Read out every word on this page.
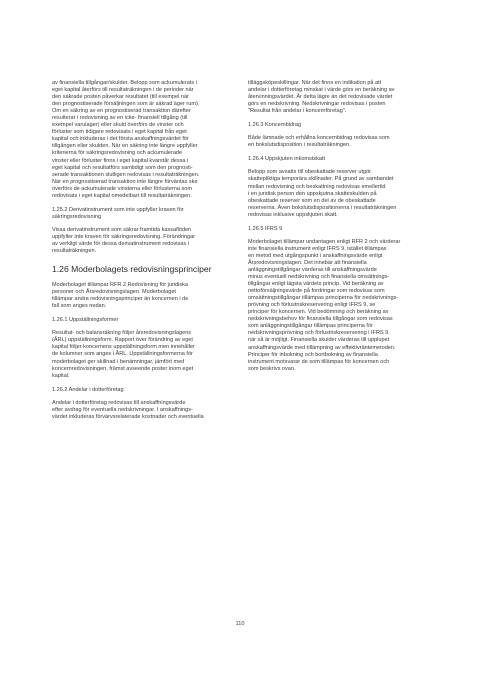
av finansiella tillgångar/skulder. Belopp som ackumulerats i
eget kapital återförs till resultaträkningen i de perioder när
den säkrade posten påverkar resultatet (till exempel när
den prognostiserade försäljningen som är säkrad äger rum).
Om en säkring av en prognostiserad transaktion därefter
resulterar i redovisning av en icke- finansiell tillgång (till
exempel varulager) eller skuld överförs de vinster och
förluster som tidigare redovisats i eget kapital från eget
kapital och inkluderas i det första anskaffningsvärdet för
tillgången eller skulden. När en säkring inte längre uppfyller
kriterierna för säkringsredovisning och ackumulerade
vinster eller förluster finns i eget kapital kvarstår dessa i
eget kapital och resultatförs samtidigt som den prognosti-
serade transaktionen slutligen redovisas i resultaträkningen.
När en prognostiserad transaktion inte längre förväntas ske
överförs de ackumulerade vinsterna eller förlusterna som
redovisats i eget kapital omedelbart till resultaträkningen.

1.25.2 Derivatinstrument som inte uppfyller kraven för
säkringsredovisning

Vissa derivatinstrument som säkrar framtida kassaflöden
uppfyller inte kraven för säkringsredovisning. Förändringar
av verkligt värde för dessa derivatinstrument redovisas i
resultaträkningen.

1.26 Moderbolagets redovisningsprinciper

Moderbolaget tillämpar RFR 2 Redovisning för juridiska
personer och Årsredovisningslagen. Moderbolaget
tillämpar andra redovisningsprinciper än koncernen i de
fall som anges nedan.

1.26.1 Uppställningsformer

Resultat- och balansräkning följer årsredovisningslagens
(ÅRL) uppställningsform. Rapport över förändring av eget
kapital följer koncernens uppställningsform men innehåller
de kolumner som anges i ÅRL. Uppställningsformerna för
moderbolaget ger skillnad i benämningar, jämfört med
koncernredovisningen, främst avseende poster inom eget
kapital.

1.26.2 Andelar i dotterföretag

Andelar i dotterföretag redovisas till anskaffningsvärde
efter avdrag för eventuella nedskrivningar. I anskaffnings-
värdet inkluderas förvärvsrelaterade kostnader och eventuella

tilläggsköpeskillingar. När det finns en indikation på att
andelar i dotterföretag minskat i värde görs en beräkning av
återvinningsvärdet. Är detta lägre än det redovisade värdet
görs en nedskrivning. Nedskrivningar redovisas i posten
"Resultat från andelar i koncernföretag".

1.26.3 Koncernbidrag

Både lämnade och erhållna koncernbidrag redovisas som
en bokslutsdisposition i resultaträkningen.

1.26.4 Uppskjuten inkomstskatt

Belopp som avsatts till obeskattade reserver utgör
skattepliktiga temporära skillnader. På grund av sambandet
mellan redovisning och beskattning redovisas emellertid
i en juridisk person den uppskjutna skatteskulden på
obeskattade reserver som en del av de obeskattade
reserverna. Även bokslutsdispositionerna i resultaträkningen
redovisas inklusive uppskjuten skatt.

1.26.5 IFRS 9

Moderbolaget tillämpar undantagen enligt RFR 2 och värderar
inte finansiella instrument enligt IFRS 9, istället tillämpas
en metod med utgångspunkt i anskaffningsvärde enligt
Årsredovisningslagen. Det innebär att finansiella
anläggningstillgångar värderas till anskaffningsvärde
minus eventuell nedskrivning och finansiella omsättnings-
tillgångar enligt lägsta värdets princip. Vid beräkning av
nettoförsäljningsvärde på fordringar som redovisas som
omsättningstillgångar tillämpas principerna för nedskrivnings-
prövning och förlustriskreservering enligt IFRS 9, se
principer för koncernen. Vid bedömning och beräkning av
nedskrivningsbehov för finansiella tillgångar som redovisas
som anläggningstillgångar tillämpas principerna för
nedskrivningsprövning och förlustriskreservering i IFRS 9
när så är möjligt. Finansiella skulder värderas till upplupet
anskaffningsvärde med tillämpning av effektivräntemetoden.
Principer för inbokning och bortbokning av finansiella
instrument motsvarar de som tillämpas för koncernen och
som beskrivs ovan.

110
